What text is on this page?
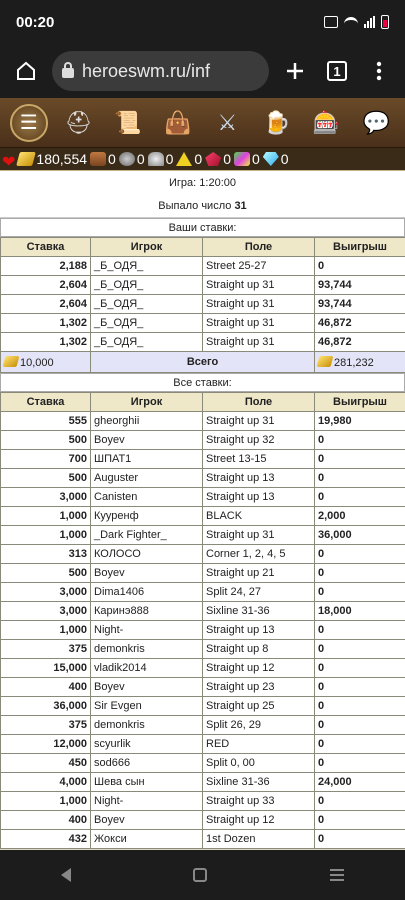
00:20
heroeswm.ru/inf	1
☰ ⛑ 📜 👜 ⚔ 🍺 🎰 💬
❤ 180,554 0 0 0 0 0 0 0
Игра: 1:20:00
Выпало число 31
Ваши ставки:
Ставка	Игрок	Поле	Выигрыш
2,188	_Б_ОДЯ_	Street 25-27	0
2,604	_Б_ОДЯ_	Straight up 31	93,744
2,604	_Б_ОДЯ_	Straight up 31	93,744
1,302	_Б_ОДЯ_	Straight up 31	46,872
1,302	_Б_ОДЯ_	Straight up 31	46,872
10,000	Всего		281,232
Все ставки:
Ставка	Игрок	Поле	Выигрыш
555	gheorghii	Straight up 31	19,980
500	Boyev	Straight up 32	0
700	ШПАТ1	Street 13-15	0
500	Auguster	Straight up 13	0
3,000	Canisten	Straight up 13	0
1,000	Кууренф	BLACK	2,000
1,000	_Dark Fighter_	Straight up 31	36,000
313	КОЛОСО	Corner 1, 2, 4, 5	0
500	Boyev	Straight up 21	0
3,000	Dima1406	Split 24, 27	0
3,000	Каринэ888	Sixline 31-36	18,000
1,000	Night-	Straight up 13	0
375	demonkris	Straight up 8	0
15,000	vladik2014	Straight up 12	0
400	Boyev	Straight up 23	0
36,000	Sir Evgen	Straight up 25	0
375	demonkris	Split 26, 29	0
12,000	scyurlik	RED	0
450	sod666	Split 0, 00	0
4,000	Шева сын	Sixline 31-36	24,000
1,000	Night-	Straight up 33	0
400	Boyev	Straight up 12	0
432	Жокси	1st Dozen	0
